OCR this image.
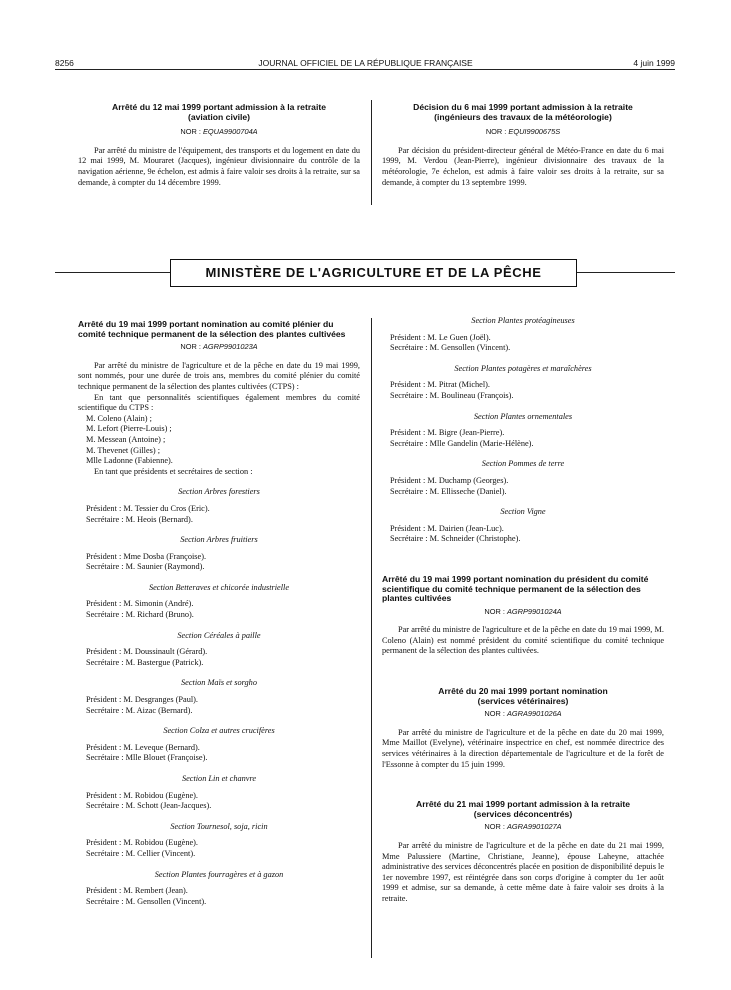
8256	JOURNAL OFFICIEL DE LA RÉPUBLIQUE FRANÇAISE	4 juin 1999
Arrêté du 12 mai 1999 portant admission à la retraite
(aviation civile)
NOR : EQUA9900704A

Par arrêté du ministre de l'équipement, des transports et du logement en date du 12 mai 1999, M. Mouraret (Jacques), ingénieur divisionnaire du contrôle de la navigation aérienne, 9e échelon, est admis à faire valoir ses droits à la retraite, sur sa demande, à compter du 14 décembre 1999.

Décision du 6 mai 1999 portant admission à la retraite
(ingénieurs des travaux de la météorologie)
NOR : EQUI9900675S

Par décision du président-directeur général de Météo-France en date du 6 mai 1999, M. Verdou (Jean-Pierre), ingénieur divisionnaire des travaux de la météorologie, 7e échelon, est admis à faire valoir ses droits à la retraite, sur sa demande, à compter du 13 septembre 1999.

MINISTÈRE DE L'AGRICULTURE ET DE LA PÊCHE
Arrêté du 19 mai 1999 portant nomination au comité plénier du comité technique permanent de la sélection des plantes cultivées
NOR : AGRP9901023A

Par arrêté du ministre de l'agriculture et de la pêche en date du 19 mai 1999, sont nommés, pour une durée de trois ans, membres du comité plénier du comité technique permanent de la sélection des plantes cultivées (CTPS) :

En tant que personnalités scientifiques également membres du comité scientifique du CTPS :

M. Coleno (Alain) ;
M. Lefort (Pierre-Louis) ;
M. Messean (Antoine) ;
M. Thevenet (Gilles) ;
Mlle Ladonne (Fabienne).

En tant que présidents et secrétaires de section :

Section Arbres forestiers
Président : M. Tessier du Cros (Eric).
Secrétaire : M. Heois (Bernard).
Section Arbres fruitiers
Président : Mme Dosba (Françoise).
Secrétaire : M. Saunier (Raymond).
Section Betteraves et chicorée industrielle
Président : M. Simonin (André).
Secrétaire : M. Richard (Bruno).
Section Céréales à paille
Président : M. Doussinault (Gérard).
Secrétaire : M. Bastergue (Patrick).
Section Maïs et sorgho
Président : M. Desgranges (Paul).
Secrétaire : M. Aizac (Bernard).
Section Colza et autres crucifères
Président : M. Leveque (Bernard).
Secrétaire : Mlle Blouet (Françoise).
Section Lin et chanvre
Président : M. Robidou (Eugène).
Secrétaire : M. Schott (Jean-Jacques).
Section Tournesol, soja, ricin
Président : M. Robidou (Eugène).
Secrétaire : M. Cellier (Vincent).
Section Plantes fourragères et à gazon
Président : M. Rembert (Jean).
Secrétaire : M. Gensollen (Vincent).
Section Plantes protéagineuses
Président : M. Le Guen (Joël).
Secrétaire : M. Gensollen (Vincent).
Section Plantes potagères et maraîchères
Président : M. Pitrat (Michel).
Secrétaire : M. Boulineau (François).
Section Plantes ornementales
Président : M. Bigre (Jean-Pierre).
Secrétaire : Mlle Gandelin (Marie-Hélène).
Section Pommes de terre
Président : M. Duchamp (Georges).
Secrétaire : M. Ellisseche (Daniel).
Section Vigne
Président : M. Dairien (Jean-Luc).
Secrétaire : M. Schneider (Christophe).
Arrêté du 19 mai 1999 portant nomination du président du comité scientifique du comité technique permanent de la sélection des plantes cultivées
NOR : AGRP9901024A

Par arrêté du ministre de l'agriculture et de la pêche en date du 19 mai 1999, M. Coleno (Alain) est nommé président du comité scientifique du comité technique permanent de la sélection des plantes cultivées.

Arrêté du 20 mai 1999 portant nomination
(services vétérinaires)
NOR : AGRA9901026A

Par arrêté du ministre de l'agriculture et de la pêche en date du 20 mai 1999, Mme Maillot (Evelyne), vétérinaire inspectrice en chef, est nommée directrice des services vétérinaires à la direction départementale de l'agriculture et de la forêt de l'Essonne à compter du 15 juin 1999.

Arrêté du 21 mai 1999 portant admission à la retraite
(services déconcentrés)
NOR : AGRA9901027A

Par arrêté du ministre de l'agriculture et de la pêche en date du 21 mai 1999, Mme Palussiere (Martine, Christiane, Jeanne), épouse Laheyne, attachée administrative des services déconcentrés placée en position de disponibilité depuis le 1er novembre 1997, est réintégrée dans son corps d'origine à compter du 1er août 1999 et admise, sur sa demande, à cette même date à faire valoir ses droits à la retraite.
